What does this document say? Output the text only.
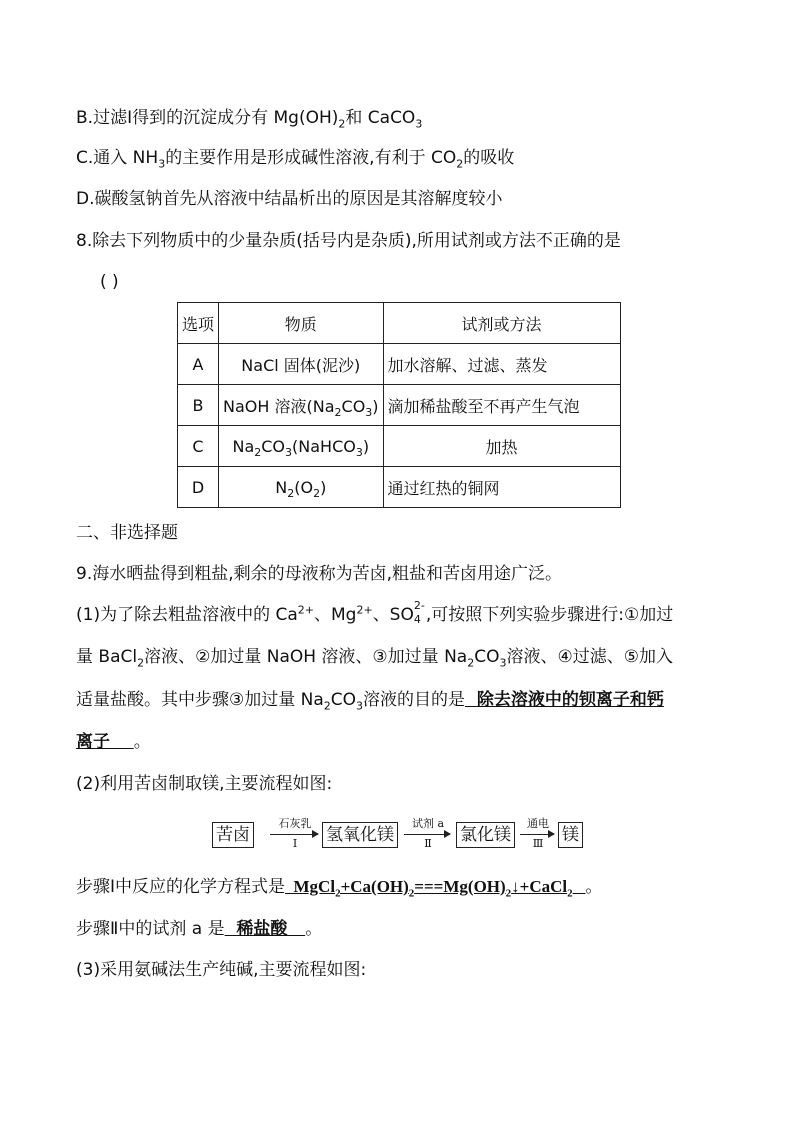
B.过滤Ⅰ得到的沉淀成分有 $Mg(OH)_2$和 CaCO$_3$
C.通入 $NH_3$的主要作用是形成碱性溶液,有利于 $CO_2$的吸收
D.碳酸氢钠首先从溶液中结晶析出的原因是其溶解度较小
8.除去下列物质中的少量杂质(括号内是杂质),所用试剂或方法不正确的是
( )
选项	物质	试剂或方法
A	NaCl 固体(泥沙)	加水溶解、过滤、蒸发
B	NaOH 溶液$(Na_2CO_3)$	滴加稀盐酸至不再产生气泡
C	$Na_2CO_3(NaHCO_3)$	加热
D	$N_2(O_2)$	通过红热的铜网
二、非选择题
9.海水晒盐得到粗盐,剩余的母液称为苦卤,粗盐和苦卤用途广泛。
(1)为了除去粗盐溶液中的 $Ca^{2+}$、$Mg^{2+}$、SO 2-
4 ,可按照下列实验步骤进行:①加过
量 BaCl$_2$溶液、②加过量 NaOH 溶液、③加过量 $Na_2CO_3$溶液、④过滤、⑤加入
适量盐酸。其中步骤③加过量 $Na_2CO_3$溶液的目的是 除去溶液中的钡离子和钙
离子 。
(2)利用苦卤制取镁,主要流程如图:
苦卤
石灰乳
Ⅰ	氢氧化镁
试剂 a
Ⅱ	氯化镁
通电
Ⅲ	镁
步骤Ⅰ中反应的化学方程式是 $MgCl_2+Ca(OH)_2===Mg(OH)_2↓+CaCl_2$ 。
步骤Ⅱ中的试剂 a 是 稀盐酸 。
(3)采用氨碱法生产纯碱,主要流程如图:
